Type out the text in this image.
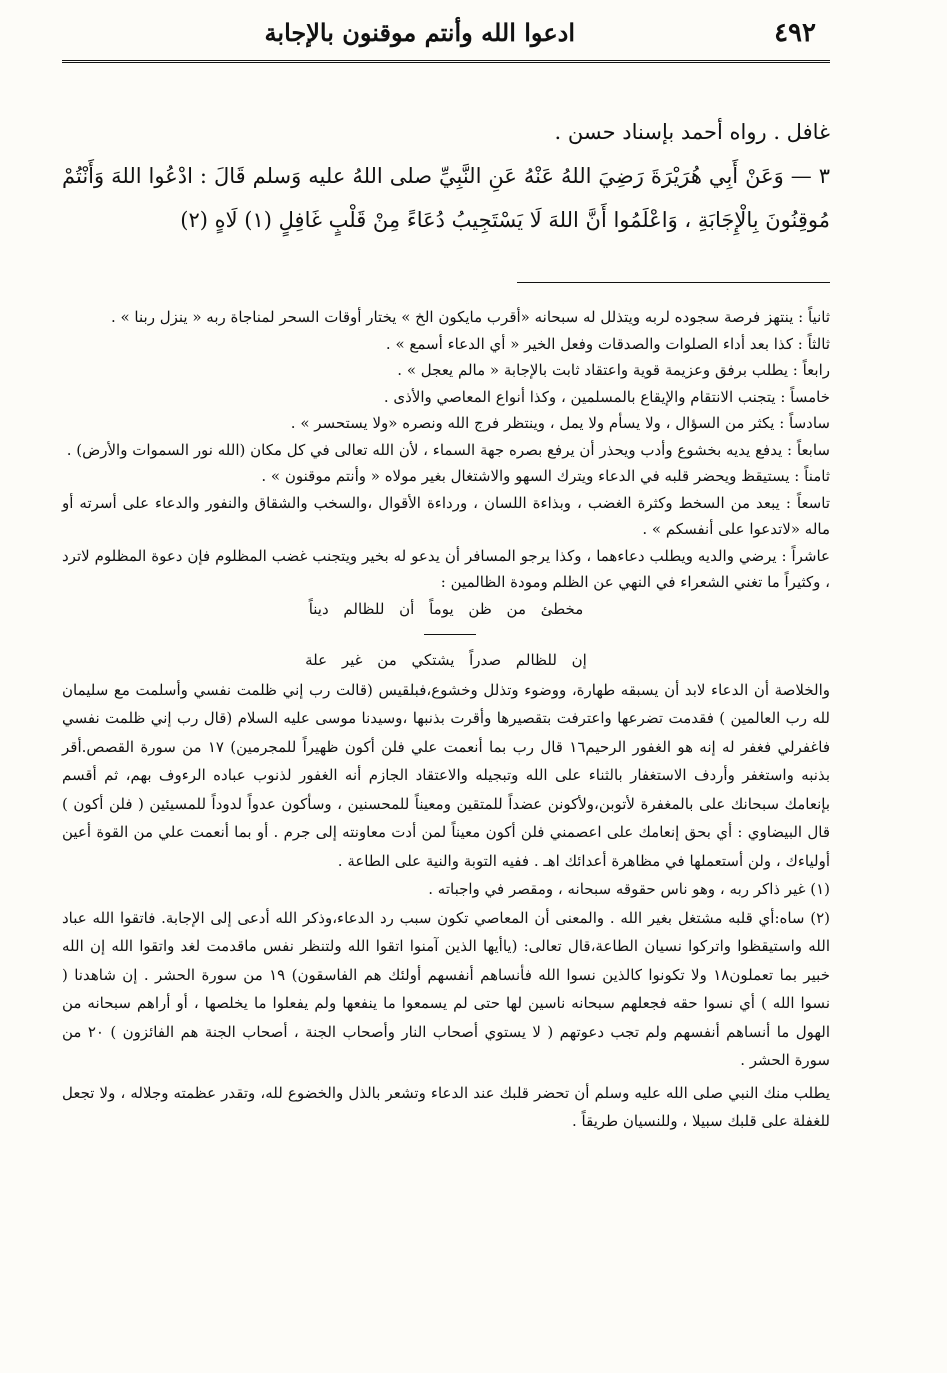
٤٩٢
ادعوا الله وأنتم موقنون بالإجابة

غافل . رواه أحمد بإسناد حسن .

٣ — وَعَنْ أَبِي هُرَيْرَةَ رَضِيَ اللهُ عَنْهُ عَنِ النَّبِيِّ صلى اللهُ عليه وَسلم قَالَ : ادْعُوا اللهَ وَأَنْتُمْ مُوقِنُونَ بِالْإِجَابَةِ ، وَاعْلَمُوا أَنَّ اللهَ لَا يَسْتَجِيبُ دُعَاءً مِنْ قَلْبٍ غَافِلٍ (١) لَاهٍ (٢)

ثانياً : ينتهز فرصة سجوده لربه ويتذلل له سبحانه «أقرب مايكون الخ » يختار أوقات السحر لمناجاة ربه « ينزل ربنا » .

ثالثاً : كذا بعد أداء الصلوات والصدقات وفعل الخير « أي الدعاء أسمع » .

رابعاً : يطلب برفق وعزيمة قوية واعتقاد ثابت بالإجابة « مالم يعجل » .

خامساً : يتجنب الانتقام والإيقاع بالمسلمين ، وكذا أنواع المعاصي والأذى .

سادساً : يكثر من السؤال ، ولا يسأم ولا يمل ، وينتظر فرج الله ونصره «ولا يستحسر » .

سابعاً : يدفع يديه بخشوع وأدب ويحذر أن يرفع بصره جهة السماء ، لأن الله تعالى في كل مكان (الله نور السموات والأرض) .

ثامناً : يستيقظ ويحضر قلبه في الدعاء ويترك السهو والاشتغال بغير مولاه « وأنتم موقنون » .

تاسعاً : يبعد من السخط وكثرة الغضب ، وبذاءة اللسان ، ورداءة الأقوال ،والسخب والشقاق والنفور والدعاء على أسرته أو ماله «لاتدعوا على أنفسكم » .

عاشراً : يرضي والديه ويطلب دعاءهما ، وكذا يرجو المسافر أن يدعو له بخير ويتجنب غضب المظلوم فإن دعوة المظلوم لاترد ، وكثيراً ما تغني الشعراء في النهي عن الظلم ومودة الظالمين :

مخطئ من ظن يوماً أن للظالم ديناً

إن للظالم صدراً يشتكي من غير علة

والخلاصة أن الدعاء لابد أن يسبقه طهارة، ووضوء وتذلل وخشوع،فبلقيس (قالت رب إني ظلمت نفسي وأسلمت مع سليمان لله رب العالمين ) فقدمت تضرعها واعترفت بتقصيرها وأقرت بذنبها ،وسيدنا موسى عليه السلام (قال رب إني ظلمت نفسي فاغفرلي فغفر له إنه هو الغفور الرحيم١٦ قال رب بما أنعمت علي فلن أكون ظهيراً للمجرمين) ١٧ من سورة القصص.أقر بذنبه واستغفر وأردف الاستغفار بالثناء على الله وتبجيله والاعتقاد الجازم أنه الغفور لذنوب عباده الرءوف بهم، ثم أقسم بإنعامك سبحانك على بالمغفرة لأتوبن،ولأكونن عضداً للمتقين ومعيناً للمحسنين ، وسأكون عدواً لدوداً للمسيئين ( فلن أكون ) قال البيضاوي : أي بحق إنعامك على اعصمني فلن أكون معيناً لمن أدت معاونته إلى جرم . أو بما أنعمت علي من القوة أعين أولياءك ، ولن أستعملها في مظاهرة أعدائك اهـ . ففيه التوبة والنية على الطاعة .

(١) غير ذاكر ربه ، وهو ناس حقوقه سبحانه ، ومقصر في واجباته .

(٢) ساه:أي قلبه مشتغل بغير الله . والمعنى أن المعاصي تكون سبب رد الدعاء،وذكر الله أدعى إلى الإجابة. فاتقوا الله عباد الله واستيقظوا واتركوا نسيان الطاعة،قال تعالى: (ياأيها الذين آمنوا اتقوا الله ولتنظر نفس ماقدمت لغد واتقوا الله إن الله خبير بما تعملون١٨ ولا تكونوا كالذين نسوا الله فأنساهم أنفسهم أولئك هم الفاسقون) ١٩ من سورة الحشر . إن شاهدنا ( نسوا الله ) أي نسوا حقه فجعلهم سبحانه ناسين لها حتى لم يسمعوا ما ينفعها ولم يفعلوا ما يخلصها ، أو أراهم سبحانه من الهول ما أنساهم أنفسهم ولم تجب دعوتهم ( لا يستوي أصحاب النار وأصحاب الجنة ، أصحاب الجنة هم الفائزون ) ٢٠ من سورة الحشر .

يطلب منك النبي صلى الله عليه وسلم أن تحضر قلبك عند الدعاء وتشعر بالذل والخضوع لله، وتقدر عظمته وجلاله ، ولا تجعل للغفلة على قلبك سبيلا ، وللنسيان طريقاً .
